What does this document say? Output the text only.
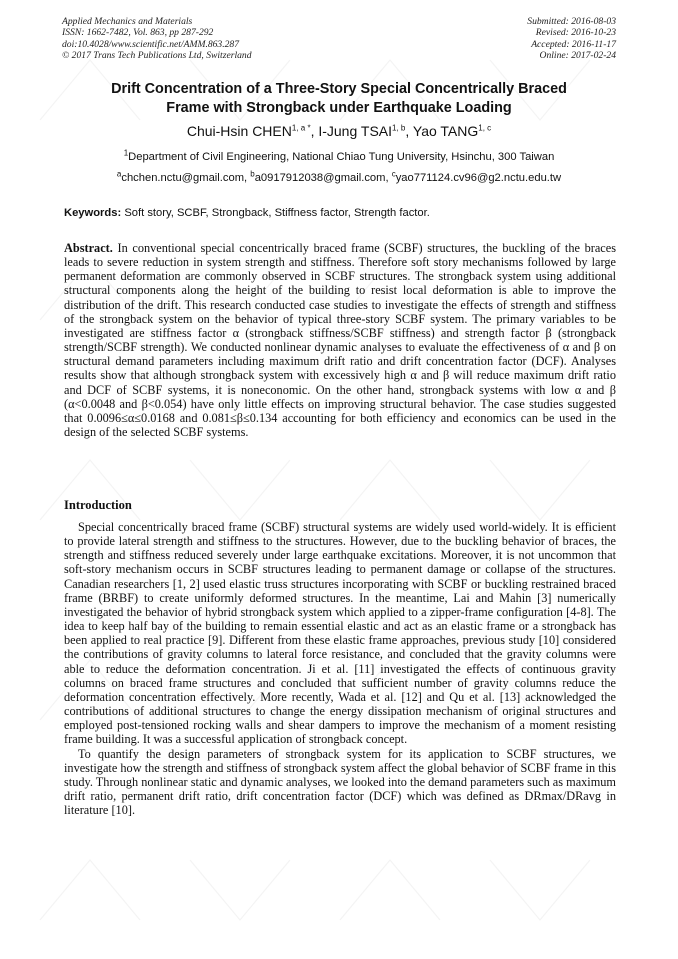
Applied Mechanics and Materials
ISSN: 1662-7482, Vol. 863, pp 287-292
doi:10.4028/www.scientific.net/AMM.863.287
© 2017 Trans Tech Publications Ltd, Switzerland
Submitted: 2016-08-03
Revised: 2016-10-23
Accepted: 2016-11-17
Online: 2017-02-24
Drift Concentration of a Three-Story Special Concentrically Braced
Frame with Strongback under Earthquake Loading
Chui-Hsin $CHEN^{1, a *}$, I-Jung TSAI$^{1, b}$, Yao TANG$^{1, c}$
$^1$Department of Civil Engineering, National Chiao Tung University, Hsinchu, 300 Taiwan
$^a$chchen.nctu@gmail.com, $^b$a0917912038@gmail.com, $^c$yao771124.cv96@g2.nctu.edu.tw
Keywords: Soft story, SCBF, Strongback, Stiffness factor, Strength factor.
Abstract. In conventional special concentrically braced frame (SCBF) structures, the buckling of the braces leads to severe reduction in system strength and stiffness. Therefore soft story mechanisms followed by large permanent deformation are commonly observed in SCBF structures. The strongback system using additional structural components along the height of the building to resist local deformation is able to improve the distribution of the drift. This research conducted case studies to investigate the effects of strength and stiffness of the strongback system on the behavior of typical three-story SCBF system. The primary variables to be investigated are stiffness factor α (strongback stiffness/SCBF stiffness) and strength factor β (strongback strength/SCBF strength). We conducted nonlinear dynamic analyses to evaluate the effectiveness of α and β on structural demand parameters including maximum drift ratio and drift concentration factor (DCF). Analyses results show that although strongback system with excessively high α and β will reduce maximum drift ratio and DCF of SCBF systems, it is noneconomic. On the other hand, strongback systems with low α and β (α<0.0048 and β<0.054) have only little effects on improving structural behavior. The case studies suggested that 0.0096≤α≤0.0168 and 0.081≤β≤0.134 accounting for both efficiency and economics can be used in the design of the selected SCBF systems.
Introduction

Special concentrically braced frame (SCBF) structural systems are widely used world-widely. It is efficient to provide lateral strength and stiffness to the structures. However, due to the buckling behavior of braces, the strength and stiffness reduced severely under large earthquake excitations. Moreover, it is not uncommon that soft-story mechanism occurs in SCBF structures leading to permanent damage or collapse of the structures. Canadian researchers [1, 2] used elastic truss structures incorporating with SCBF or buckling restrained braced frame (BRBF) to create uniformly deformed structures. In the meantime, Lai and Mahin [3] numerically investigated the behavior of hybrid strongback system which applied to a zipper-frame configuration [4-8]. The idea to keep half bay of the building to remain essential elastic and act as an elastic frame or a strongback has been applied to real practice [9]. Different from these elastic frame approaches, previous study [10] considered the contributions of gravity columns to lateral force resistance, and concluded that the gravity columns were able to reduce the deformation concentration. Ji et al. [11] investigated the effects of continuous gravity columns on braced frame structures and concluded that sufficient number of gravity columns reduce the deformation concentration effectively. More recently, Wada et al. [12] and Qu et al. [13] acknowledged the contributions of additional structures to change the energy dissipation mechanism of original structures and employed post-tensioned rocking walls and shear dampers to improve the mechanism of a moment resisting frame building. It was a successful application of strongback concept.

To quantify the design parameters of strongback system for its application to SCBF structures, we investigate how the strength and stiffness of strongback system affect the global behavior of SCBF frame in this study. Through nonlinear static and dynamic analyses, we looked into the demand parameters such as maximum drift ratio, permanent drift ratio, drift concentration factor (DCF) which was defined as DRmax/DRavg in literature [10].
